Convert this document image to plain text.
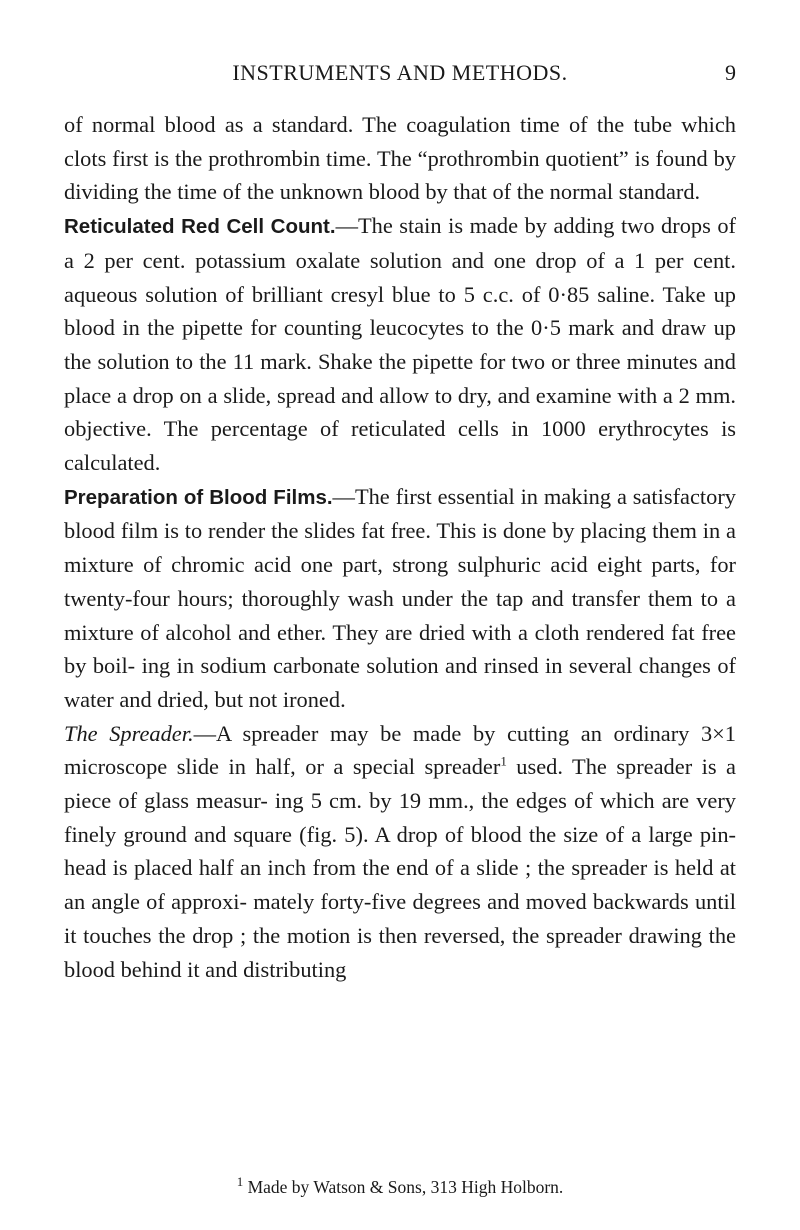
INSTRUMENTS AND METHODS.	9

of normal blood as a standard. The coagulation time of the tube which clots first is the prothrombin time. The “prothrombin quotient” is found by dividing the time of the unknown blood by that of the normal standard.

Reticulated Red Cell Count.—The stain is made by adding two drops of a 2 per cent. potassium oxalate solution and one drop of a 1 per cent. aqueous solution of brilliant cresyl blue to 5 c.c. of 0·85 saline. Take up blood in the pipette for counting leucocytes to the 0·5 mark and draw up the solution to the 11 mark. Shake the pipette for two or three minutes and place a drop on a slide, spread and allow to dry, and examine with a 2 mm. objective. The percentage of reticulated cells in 1000 erythrocytes is calculated.

Preparation of Blood Films.—The first essential in making a satisfactory blood film is to render the slides fat free. This is done by placing them in a mixture of chromic acid one part, strong sulphuric acid eight parts, for twenty-four hours; thoroughly wash under the tap and transfer them to a mixture of alcohol and ether. They are dried with a cloth rendered fat free by boil- ing in sodium carbonate solution and rinsed in several changes of water and dried, but not ironed.

The Spreader.—A spreader may be made by cutting an ordinary 3×1 microscope slide in half, or a special spreader$^1$ used. The spreader is a piece of glass measur- ing 5 cm. by 19 mm., the edges of which are very finely ground and square (fig. 5). A drop of blood the size of a large pin-head is placed half an inch from the end of a slide ; the spreader is held at an angle of approxi- mately forty-five degrees and moved backwards until it touches the drop ; the motion is then reversed, the spreader drawing the blood behind it and distributing

$^1$ Made by Watson & Sons, 313 High Holborn.
